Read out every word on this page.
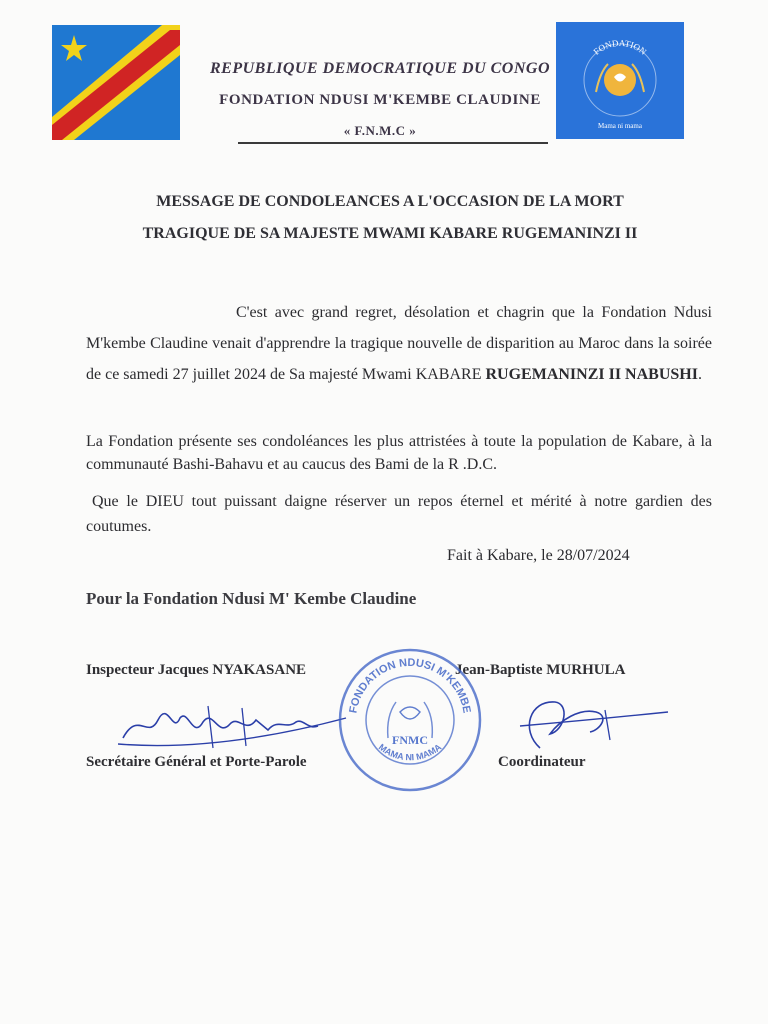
FONDATION
Mama ni mama
REPUBLIQUE DEMOCRATIQUE DU CONGO
FONDATION NDUSI M'KEMBE CLAUDINE
« F.N.M.C »
MESSAGE DE CONDOLEANCES A L'OCCASION DE LA MORT
TRAGIQUE DE SA MAJESTE MWAMI KABARE RUGEMANINZI II
C'est avec grand regret, désolation et chagrin que la Fondation Ndusi M'kembe Claudine venait d'apprendre la tragique nouvelle de disparition au Maroc dans la soirée de ce samedi 27 juillet 2024 de Sa majesté Mwami KABARE RUGEMANINZI II NABUSHI.
La Fondation présente ses condoléances les plus attristées à toute la population de Kabare, à la communauté Bashi-Bahavu et au caucus des Bami de la R .D.C.
Que le DIEU tout puissant daigne réserver un repos éternel et mérité à notre gardien des coutumes.
Fait à Kabare, le 28/07/2024
Pour la Fondation Ndusi M' Kembe Claudine
Inspecteur Jacques NYAKASANE	Jean-Baptiste MURHULA
FONDATION NDUSI M'KEMBE
MAMA NI MAMA
FNMC
Secrétaire Général et Porte-Parole	Coordinateur
